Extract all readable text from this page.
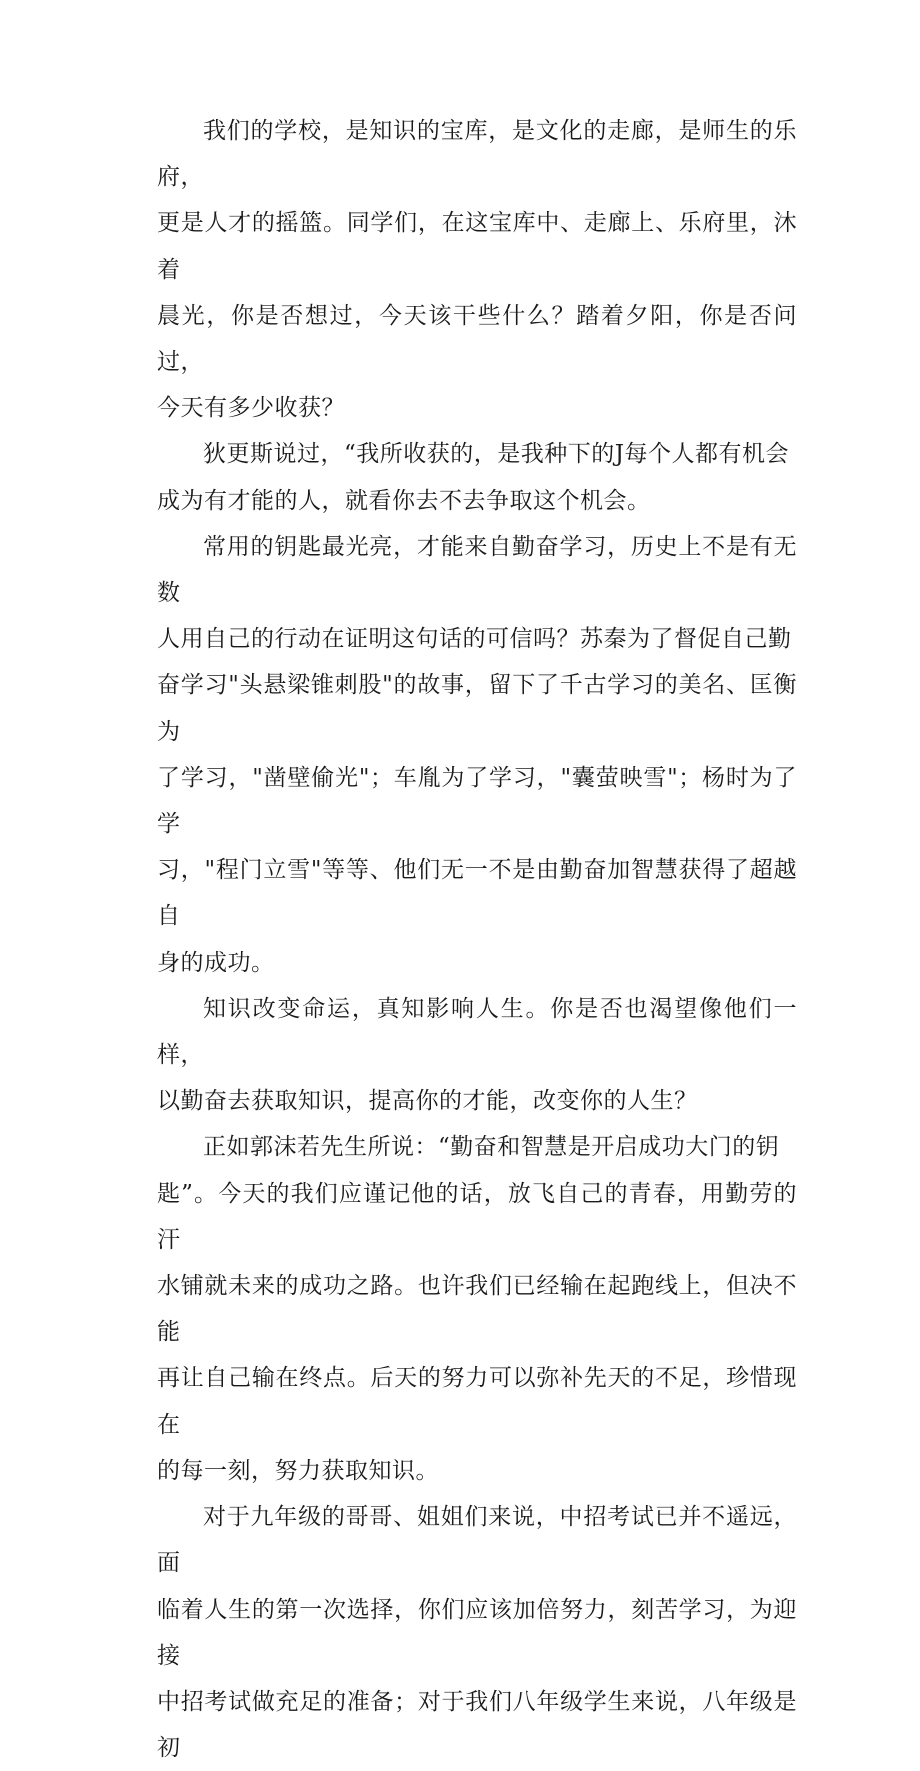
我们的学校，是知识的宝库，是文化的走廊，是师生的乐府，
更是人才的摇篮。同学们，在这宝库中、走廊上、乐府里，沐着
晨光，你是否想过，今天该干些什么？踏着夕阳，你是否问过，
今天有多少收获？

狄更斯说过，“我所收获的，是我种下的J每个人都有机会
成为有才能的人，就看你去不去争取这个机会。

常用的钥匙最光亮，才能来自勤奋学习，历史上不是有无数
人用自己的行动在证明这句话的可信吗？苏秦为了督促自己勤
奋学习"头悬梁锥刺股"的故事，留下了千古学习的美名、匡衡为
了学习，"凿壁偷光"；车胤为了学习，"囊萤映雪"；杨时为了学
习，"程门立雪"等等、他们无一不是由勤奋加智慧获得了超越自
身的成功。

知识改变命运，真知影响人生。你是否也渴望像他们一样，
以勤奋去获取知识，提高你的才能，改变你的人生？

正如郭沫若先生所说：“勤奋和智慧是开启成功大门的钥
匙”。今天的我们应谨记他的话，放飞自己的青春，用勤劳的汗
水铺就未来的成功之路。也许我们已经输在起跑线上，但决不能
再让自己输在终点。后天的努力可以弥补先天的不足，珍惜现在
的每一刻，努力获取知识。

对于九年级的哥哥、姐姐们来说，中招考试已并不遥远，面
临着人生的第一次选择，你们应该加倍努力，刻苦学习，为迎接
中招考试做充足的准备；对于我们八年级学生来说，八年级是初
